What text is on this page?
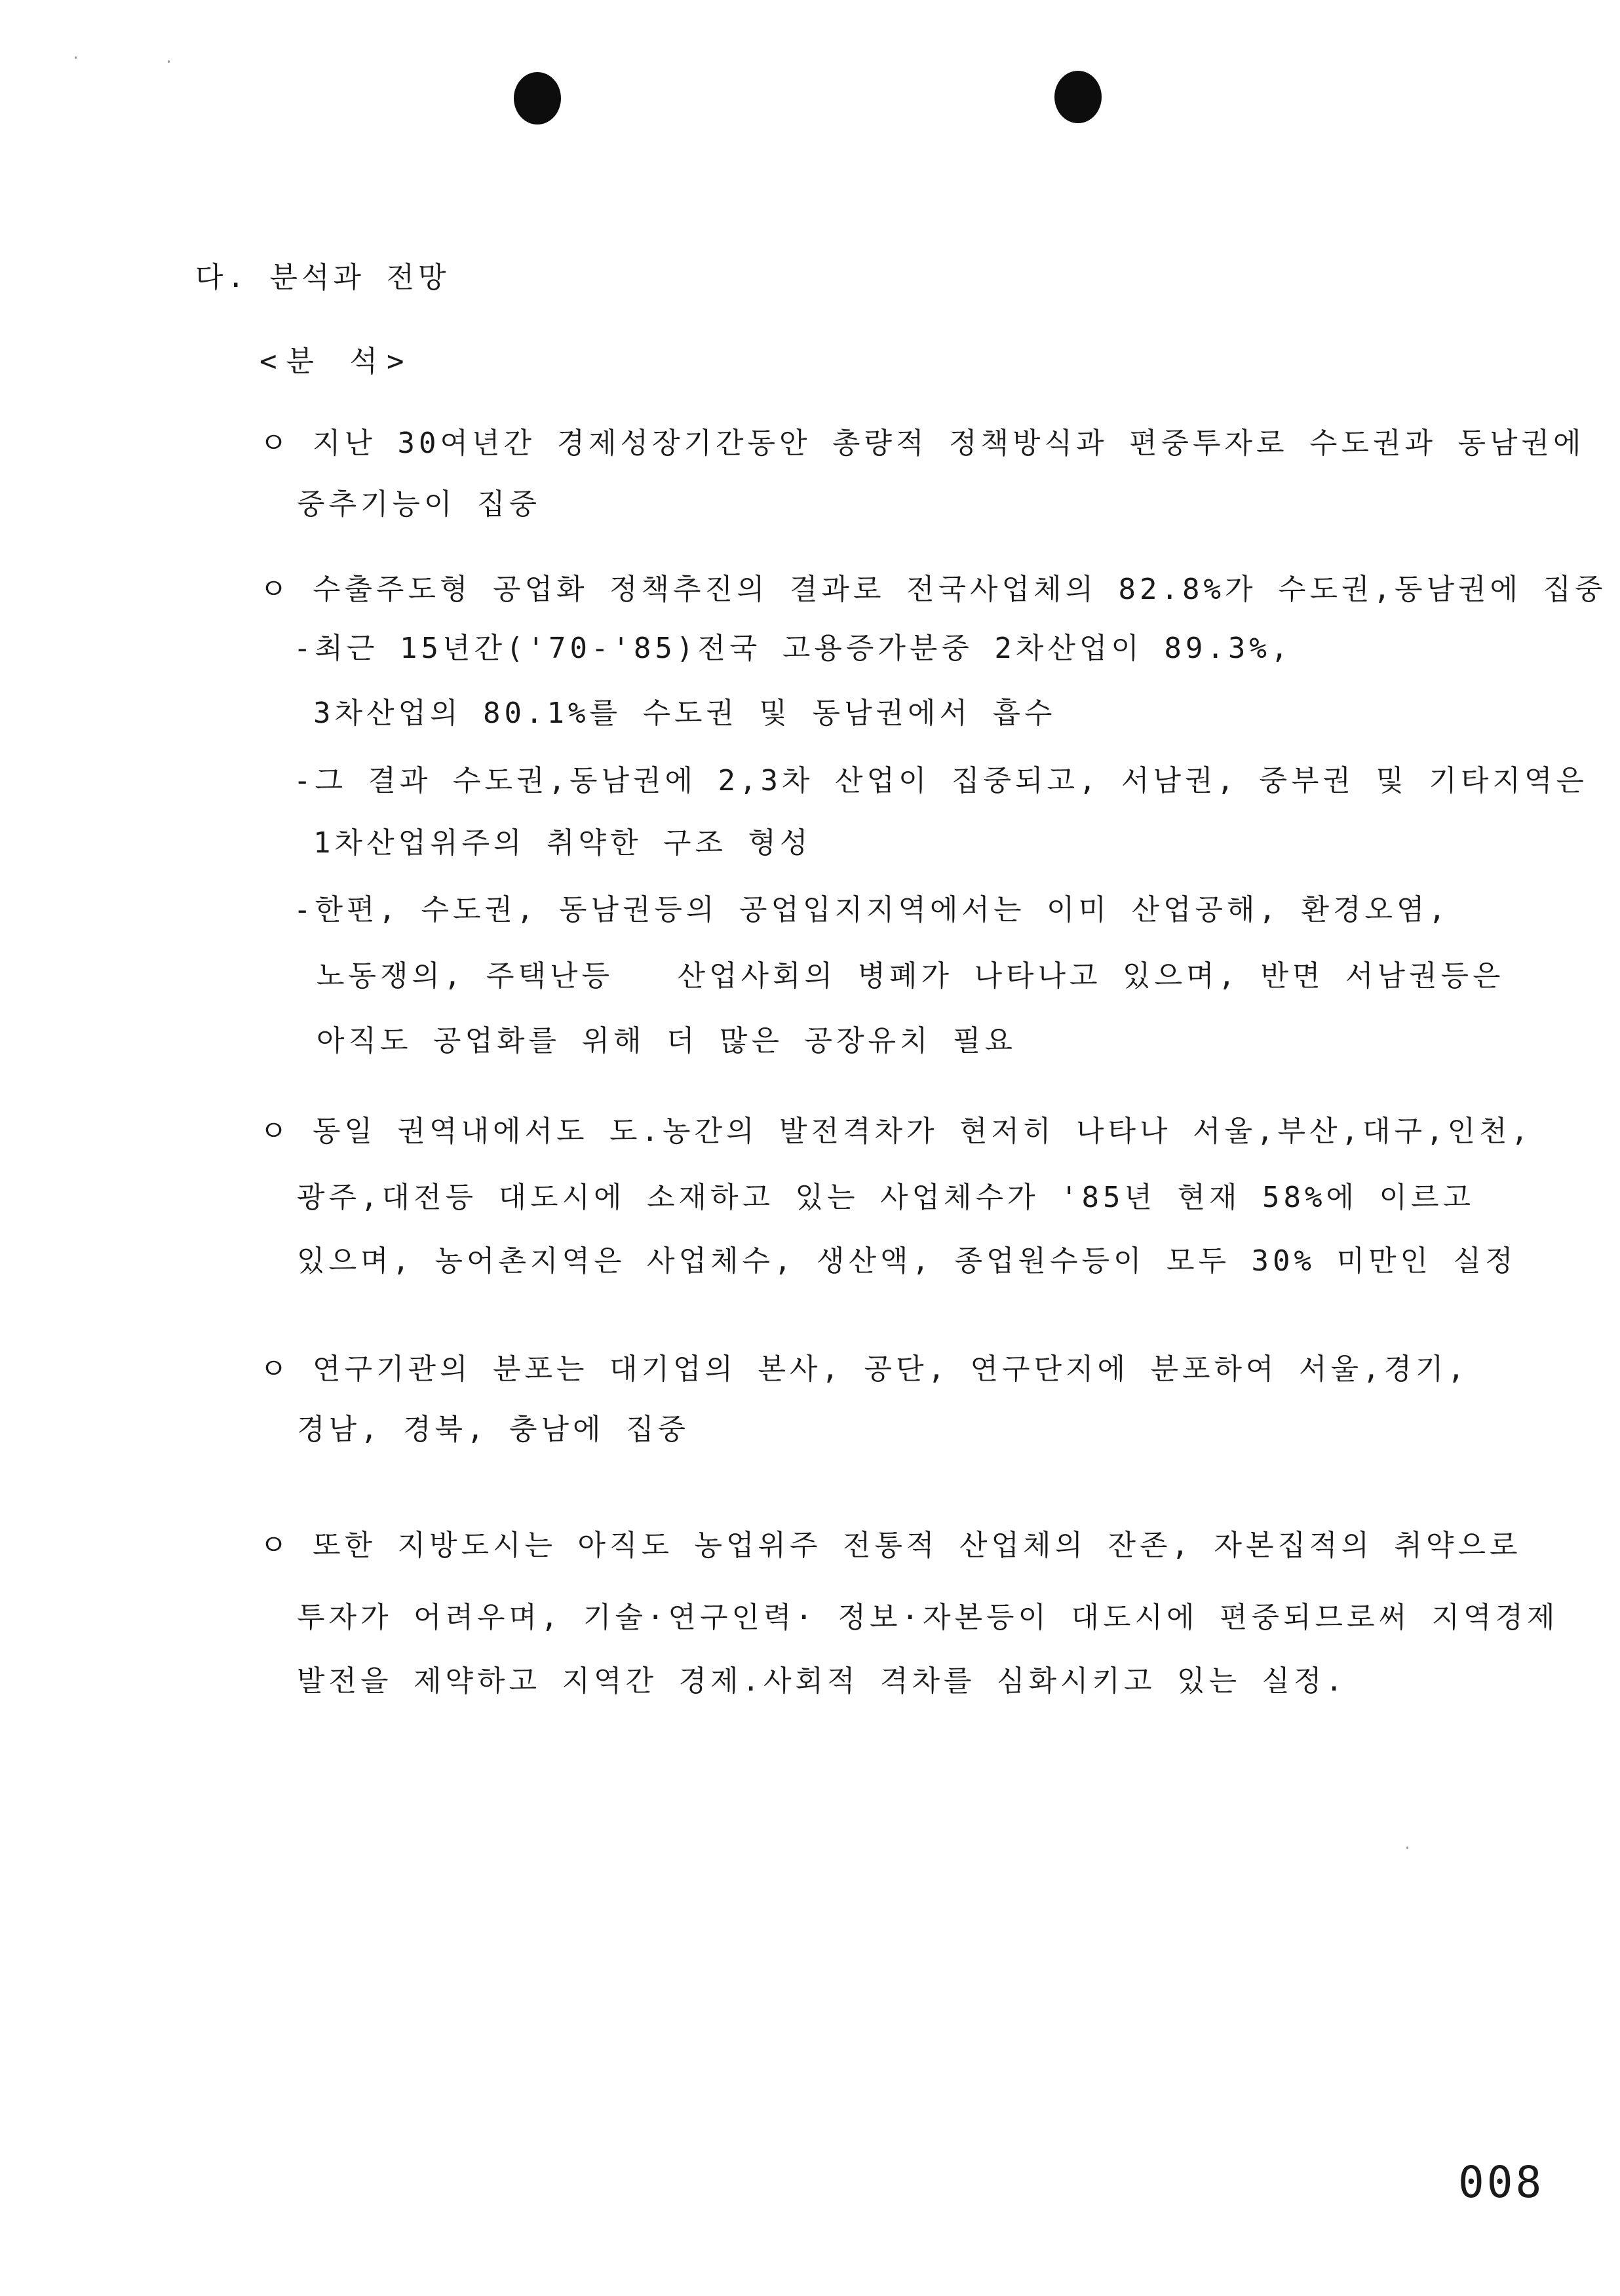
다. 분석과 전망
<분 석>
ㅇ 지난 30여년간 경제성장기간동안 총량적 정책방식과 편중투자로 수도권과 동남권에
중추기능이 집중
ㅇ 수출주도형 공업화 정책추진의 결과로 전국사업체의 82.8%가 수도권,동남권에 집중
-최근 15년간('70-'85)전국 고용증가분중 2차산업이 89.3%,
3차산업의 80.1%를 수도권 및 동남권에서 흡수
-그 결과 수도권,동남권에 2,3차 산업이 집중되고, 서남권, 중부권 및 기타지역은
1차산업위주의 취약한 구조 형성
-한편, 수도권, 동남권등의 공업입지지역에서는 이미 산업공해, 환경오염,
노동쟁의, 주택난등   산업사회의 병폐가 나타나고 있으며, 반면 서남권등은
아직도 공업화를 위해 더 많은 공장유치 필요
ㅇ 동일 권역내에서도 도.농간의 발전격차가 현저히 나타나 서울,부산,대구,인천,
광주,대전등 대도시에 소재하고 있는 사업체수가 '85년 현재 58%에 이르고
있으며, 농어촌지역은 사업체수, 생산액, 종업원수등이 모두 30% 미만인 실정
ㅇ 연구기관의 분포는 대기업의 본사, 공단, 연구단지에 분포하여 서울,경기,
경남, 경북, 충남에 집중
ㅇ 또한 지방도시는 아직도 농업위주 전통적 산업체의 잔존, 자본집적의 취약으로
투자가 어려우며, 기술·연구인력· 정보·자본등이 대도시에 편중되므로써 지역경제
발전을 제약하고 지역간 경제.사회적 격차를 심화시키고 있는 실정.
008
